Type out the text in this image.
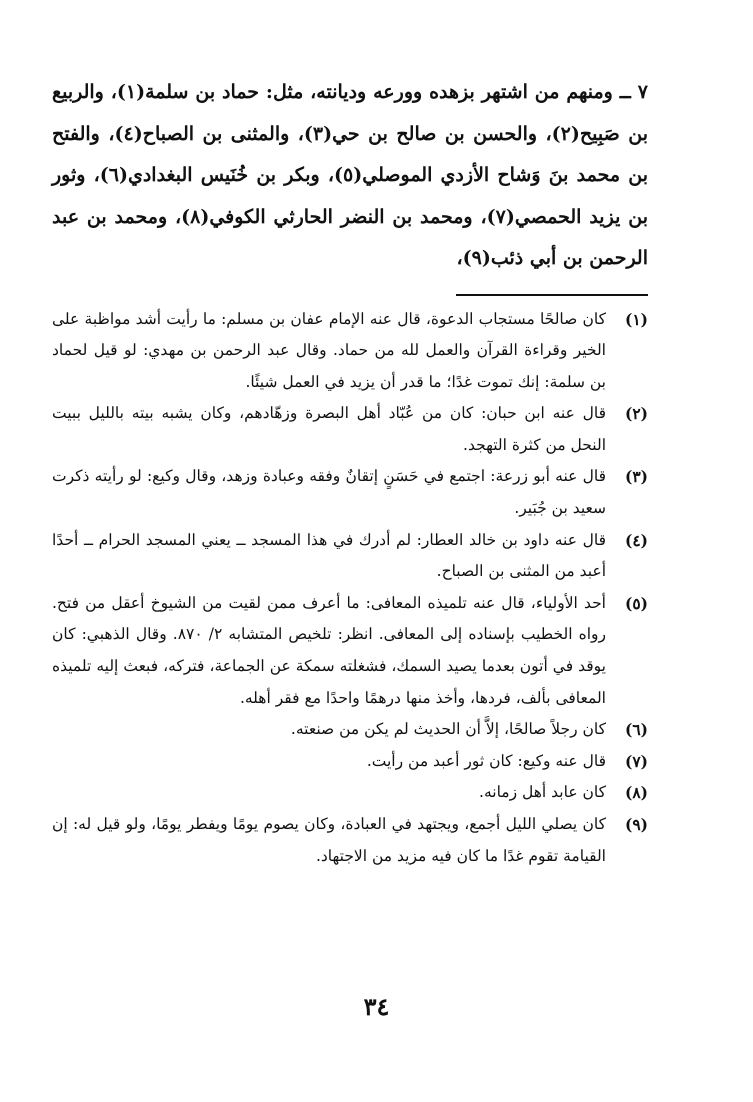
٧ ــ ومنهم من اشتهر بزهده وورعه وديانته، مثل: حماد بن سلمة(١)، والربيع بن صَبِيح(٢)، والحسن بن صالح بن حي(٣)، والمثنى بن الصباح(٤)، والفتح بن محمد بنَ وَشاح الأزدي الموصلي(٥)، وبكر بن خُنَيس البغدادي(٦)، وثور بن يزيد الحمصي(٧)، ومحمد بن النضر الحارثي الكوفي(٨)، ومحمد بن عبد الرحمن بن أبي ذئب(٩)،

(١)
كان صالحًا مستجاب الدعوة، قال عنه الإمام عفان بن مسلم: ما رأيت أشد مواظبة على الخير وقراءة القرآن والعمل لله من حماد. وقال عبد الرحمن بن مهدي: لو قيل لحماد بن سلمة: إنك تموت غدًا؛ ما قدر أن يزيد في العمل شيئًا.
(٢)
قال عنه ابن حبان: كان من عُبّاد أهل البصرة وزهّادهم، وكان يشبه بيته بالليل ببيت النحل من كثرة التهجد.
(٣)
قال عنه أبو زرعة: اجتمع في حَسَنٍ إتقانٌ وفقه وعبادة وزهد، وقال وكيع: لو رأيته ذكرت سعيد بن جُبَير.
(٤)
قال عنه داود بن خالد العطار: لم أدرك في هذا المسجد ــ يعني المسجد الحرام ــ أحدًا أعبد من المثنى بن الصباح.
(٥)
أحد الأولياء، قال عنه تلميذه المعافى: ما أعرف ممن لقيت من الشيوخ أعقل من فتح. رواه الخطيب بإسناده إلى المعافى. انظر: تلخيص المتشابه ٢/ ٨٧٠. وقال الذهبي: كان يوقد في أتون بعدما يصيد السمك، فشغلته سمكة عن الجماعة، فتركه، فبعث إليه تلميذه المعافى بألف، فردها، وأخذ منها درهمًا واحدًا مع فقر أهله.
(٦)
كان رجلاً صالحًا، إلاَّ أن الحديث لم يكن من صنعته.
(٧)
قال عنه وكيع: كان ثور أعبد من رأيت.
(٨)
كان عابد أهل زمانه.
(٩)
كان يصلي الليل أجمع، ويجتهد في العبادة، وكان يصوم يومًا ويفطر يومًا، ولو قيل له: إن القيامة تقوم غدًا ما كان فيه مزيد من الاجتهاد.
٣٤
